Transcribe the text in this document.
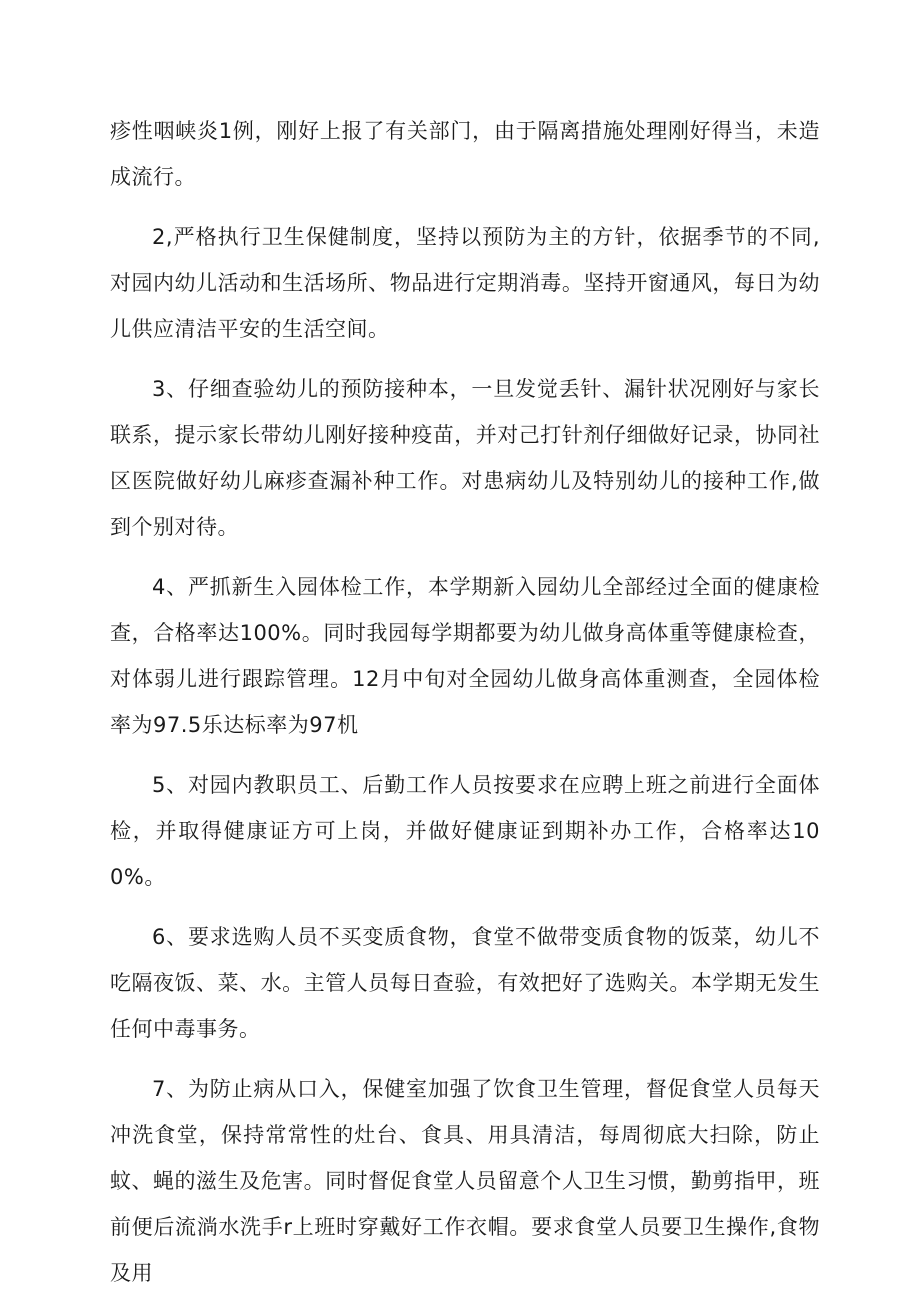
疹性咽峡炎1例，刚好上报了有关部门，由于隔离措施处理刚好得当，未造成流行。

2,严格执行卫生保健制度，坚持以预防为主的方针，依据季节的不同,对园内幼儿活动和生活场所、物品进行定期消毒。坚持开窗通风，每日为幼儿供应清洁平安的生活空间。

3、仔细查验幼儿的预防接种本，一旦发觉丢针、漏针状况刚好与家长联系，提示家长带幼儿刚好接种疫苗，并对己打针剂仔细做好记录，协同社区医院做好幼儿麻疹查漏补种工作。对患病幼儿及特别幼儿的接种工作,做到个别对待。

4、严抓新生入园体检工作，本学期新入园幼儿全部经过全面的健康检查，合格率达100%。同时我园每学期都要为幼儿做身高体重等健康检查，对体弱儿进行跟踪管理。12月中旬对全园幼儿做身高体重测查，全园体检率为97.5乐达标率为97机

5、对园内教职员工、后勤工作人员按要求在应聘上班之前进行全面体检，并取得健康证方可上岗，并做好健康证到期补办工作，合格率达100%。

6、要求选购人员不买变质食物，食堂不做带变质食物的饭菜，幼儿不吃隔夜饭、菜、水。主管人员每日查验，有效把好了选购关。本学期无发生任何中毒事务。

7、为防止病从口入，保健室加强了饮食卫生管理，督促食堂人员每天冲洗食堂，保持常常性的灶台、食具、用具清洁，每周彻底大扫除，防止蚊、蝇的滋生及危害。同时督促食堂人员留意个人卫生习惯，勤剪指甲，班前便后流淌水洗手r上班时穿戴好工作衣帽。要求食堂人员要卫生操作,食物及用
